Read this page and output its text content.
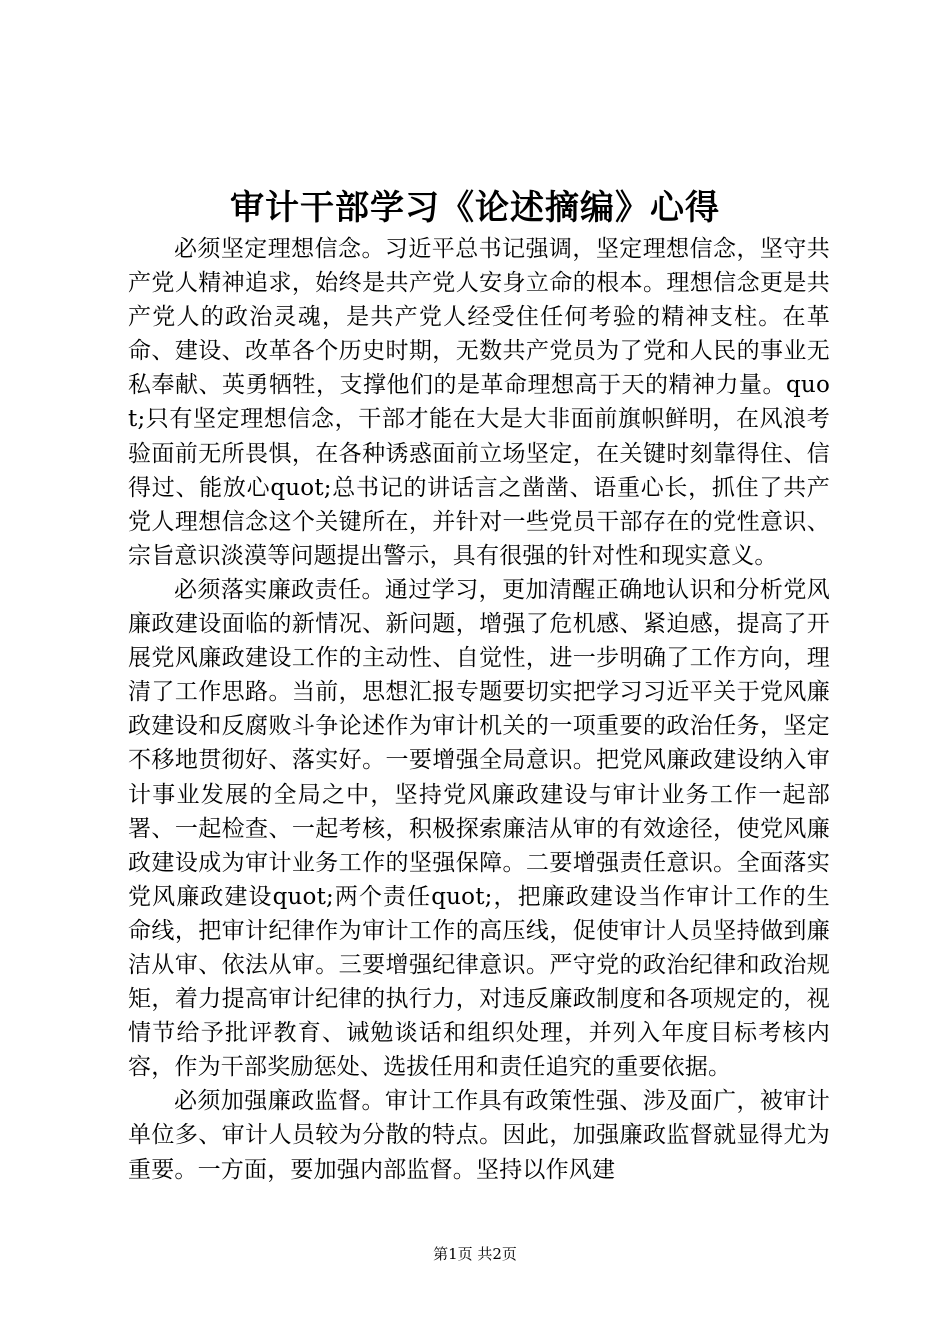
审计干部学习《论述摘编》心得

必须坚定理想信念。习近平总书记强调，坚定理想信念，坚守共产党人精神追求，始终是共产党人安身立命的根本。理想信念更是共产党人的政治灵魂，是共产党人经受住任何考验的精神支柱。在革命、建设、改革各个历史时期，无数共产党员为了党和人民的事业无私奉献、英勇牺牲，支撑他们的是革命理想高于天的精神力量。quot;只有坚定理想信念，干部才能在大是大非面前旗帜鲜明，在风浪考验面前无所畏惧，在各种诱惑面前立场坚定，在关键时刻靠得住、信得过、能放心quot;总书记的讲话言之凿凿、语重心长，抓住了共产党人理想信念这个关键所在，并针对一些党员干部存在的党性意识、宗旨意识淡漠等问题提出警示，具有很强的针对性和现实意义。

必须落实廉政责任。通过学习，更加清醒正确地认识和分析党风廉政建设面临的新情况、新问题，增强了危机感、紧迫感，提高了开展党风廉政建设工作的主动性、自觉性，进一步明确了工作方向，理清了工作思路。当前，思想汇报专题要切实把学习习近平关于党风廉政建设和反腐败斗争论述作为审计机关的一项重要的政治任务，坚定不移地贯彻好、落实好。一要增强全局意识。把党风廉政建设纳入审计事业发展的全局之中，坚持党风廉政建设与审计业务工作一起部署、一起检查、一起考核，积极探索廉洁从审的有效途径，使党风廉政建设成为审计业务工作的坚强保障。二要增强责任意识。全面落实党风廉政建设quot;两个责任quot;，把廉政建设当作审计工作的生命线，把审计纪律作为审计工作的高压线，促使审计人员坚持做到廉洁从审、依法从审。三要增强纪律意识。严守党的政治纪律和政治规矩，着力提高审计纪律的执行力，对违反廉政制度和各项规定的，视情节给予批评教育、诫勉谈话和组织处理，并列入年度目标考核内容，作为干部奖励惩处、选拔任用和责任追究的重要依据。

必须加强廉政监督。审计工作具有政策性强、涉及面广，被审计单位多、审计人员较为分散的特点。因此，加强廉政监督就显得尤为重要。一方面，要加强内部监督。坚持以作风建

第1页 共2页
